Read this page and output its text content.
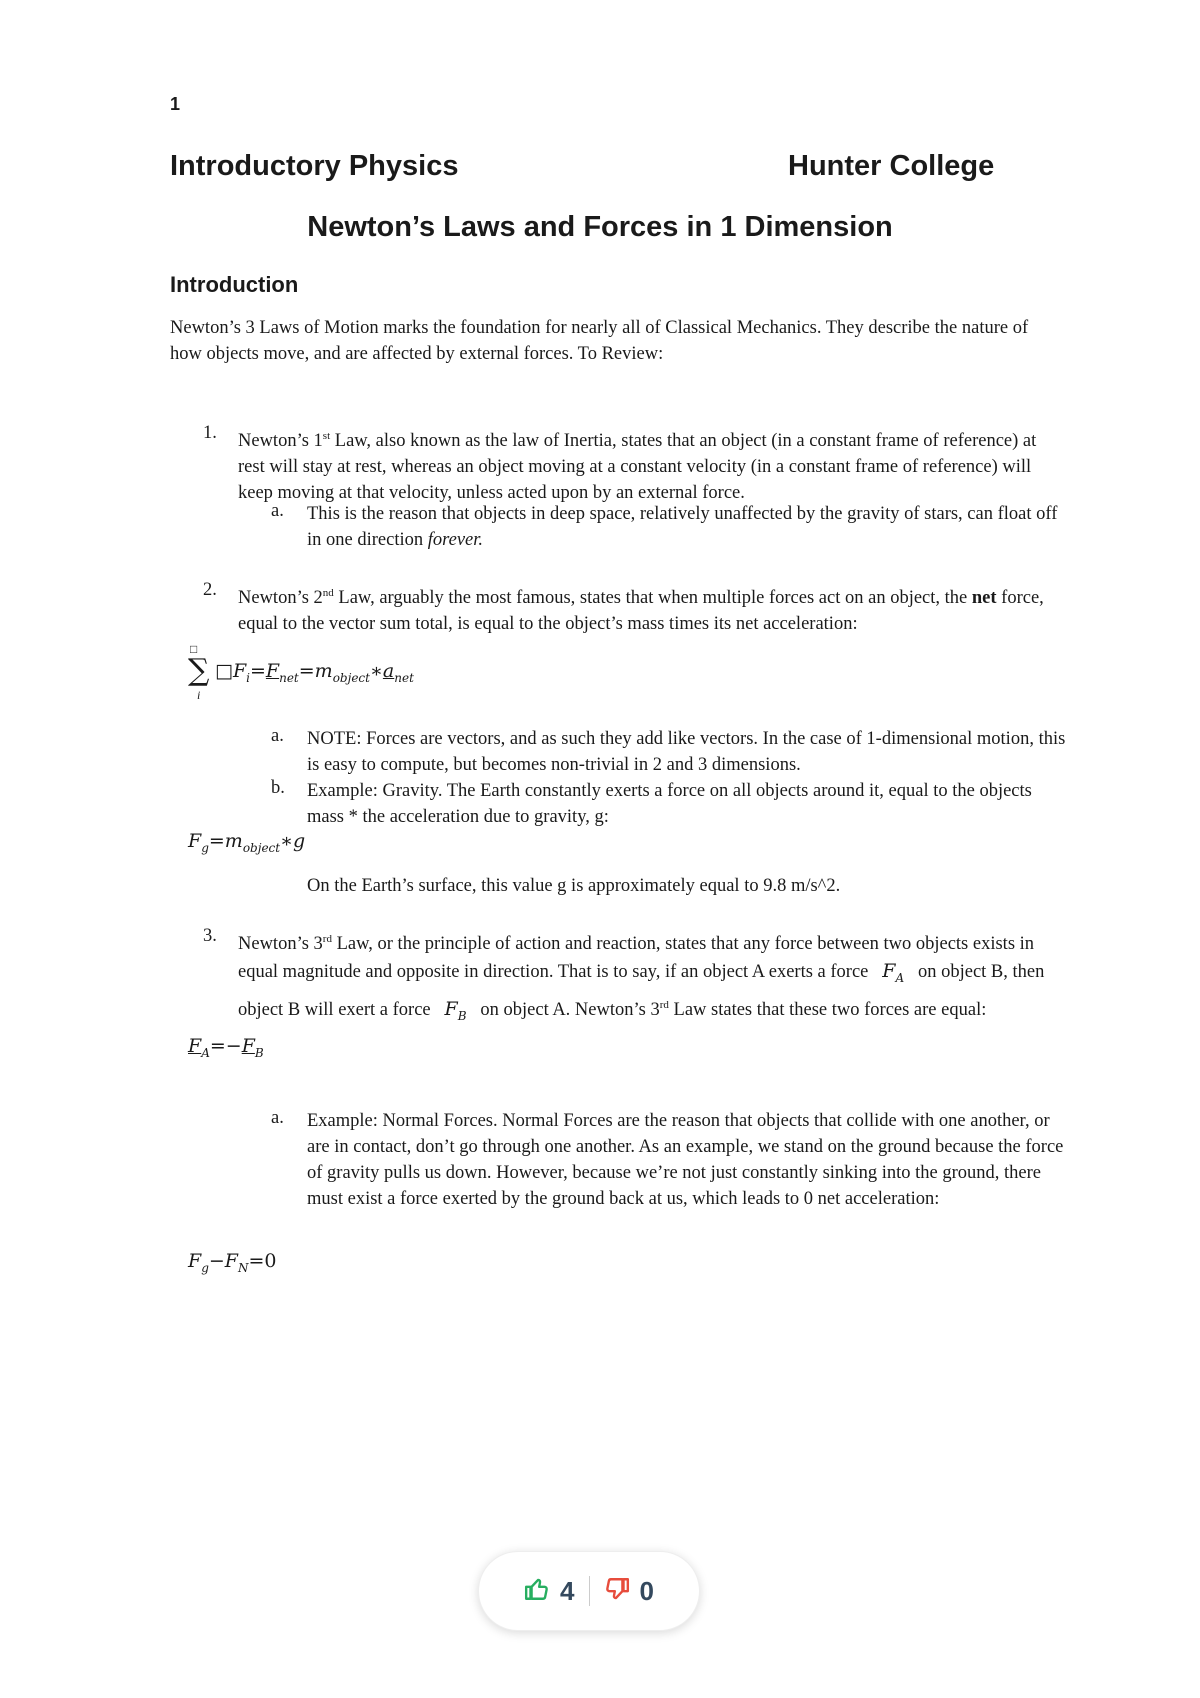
1
Introductory Physics	Hunter College
Newton’s Laws and Forces in 1 Dimension
Introduction
Newton’s 3 Laws of Motion marks the foundation for nearly all of Classical Mechanics. They describe the nature of how objects move, and are affected by external forces. To Review:
1. Newton’s 1st Law, also known as the law of Inertia, states that an object (in a constant frame of reference) at rest will stay at rest, whereas an object moving at a constant velocity (in a constant frame of reference) will keep moving at that velocity, unless acted upon by an external force.
a. This is the reason that objects in deep space, relatively unaffected by the gravity of stars, can float off in one direction forever.
2. Newton’s 2nd Law, arguably the most famous, states that when multiple forces act on an object, the net force, equal to the vector sum total, is equal to the object’s mass times its net acceleration:
□
∑
i
$□F_i=F_{net}=m_{object}∗a_{net}$
a. NOTE: Forces are vectors, and as such they add like vectors. In the case of 1-dimensional motion, this is easy to compute, but becomes non-trivial in 2 and 3 dimensions.
b. Example: Gravity. The Earth constantly exerts a force on all objects around it, equal to the objects mass * the acceleration due to gravity, g:
$F_g=m_{object}∗g$
On the Earth’s surface, this value g is approximately equal to 9.8 m/s^2.
3. Newton’s 3rd Law, or the principle of action and reaction, states that any force between two objects exists in equal magnitude and opposite in direction. That is to say, if an object A exerts a force   $F_A$   on object B, then object B will exert a force   $F_B$   on object A. Newton’s 3rd Law states that these two forces are equal:
$F_A=-F_B$
a. Example: Normal Forces. Normal Forces are the reason that objects that collide with one another, or are in contact, don’t go through one another. As an example, we stand on the ground because the force of gravity pulls us down. However, because we’re not just constantly sinking into the ground, there must exist a force exerted by the ground back at us, which leads to 0 net acceleration:
$F_g-F_N=0$
4	0
